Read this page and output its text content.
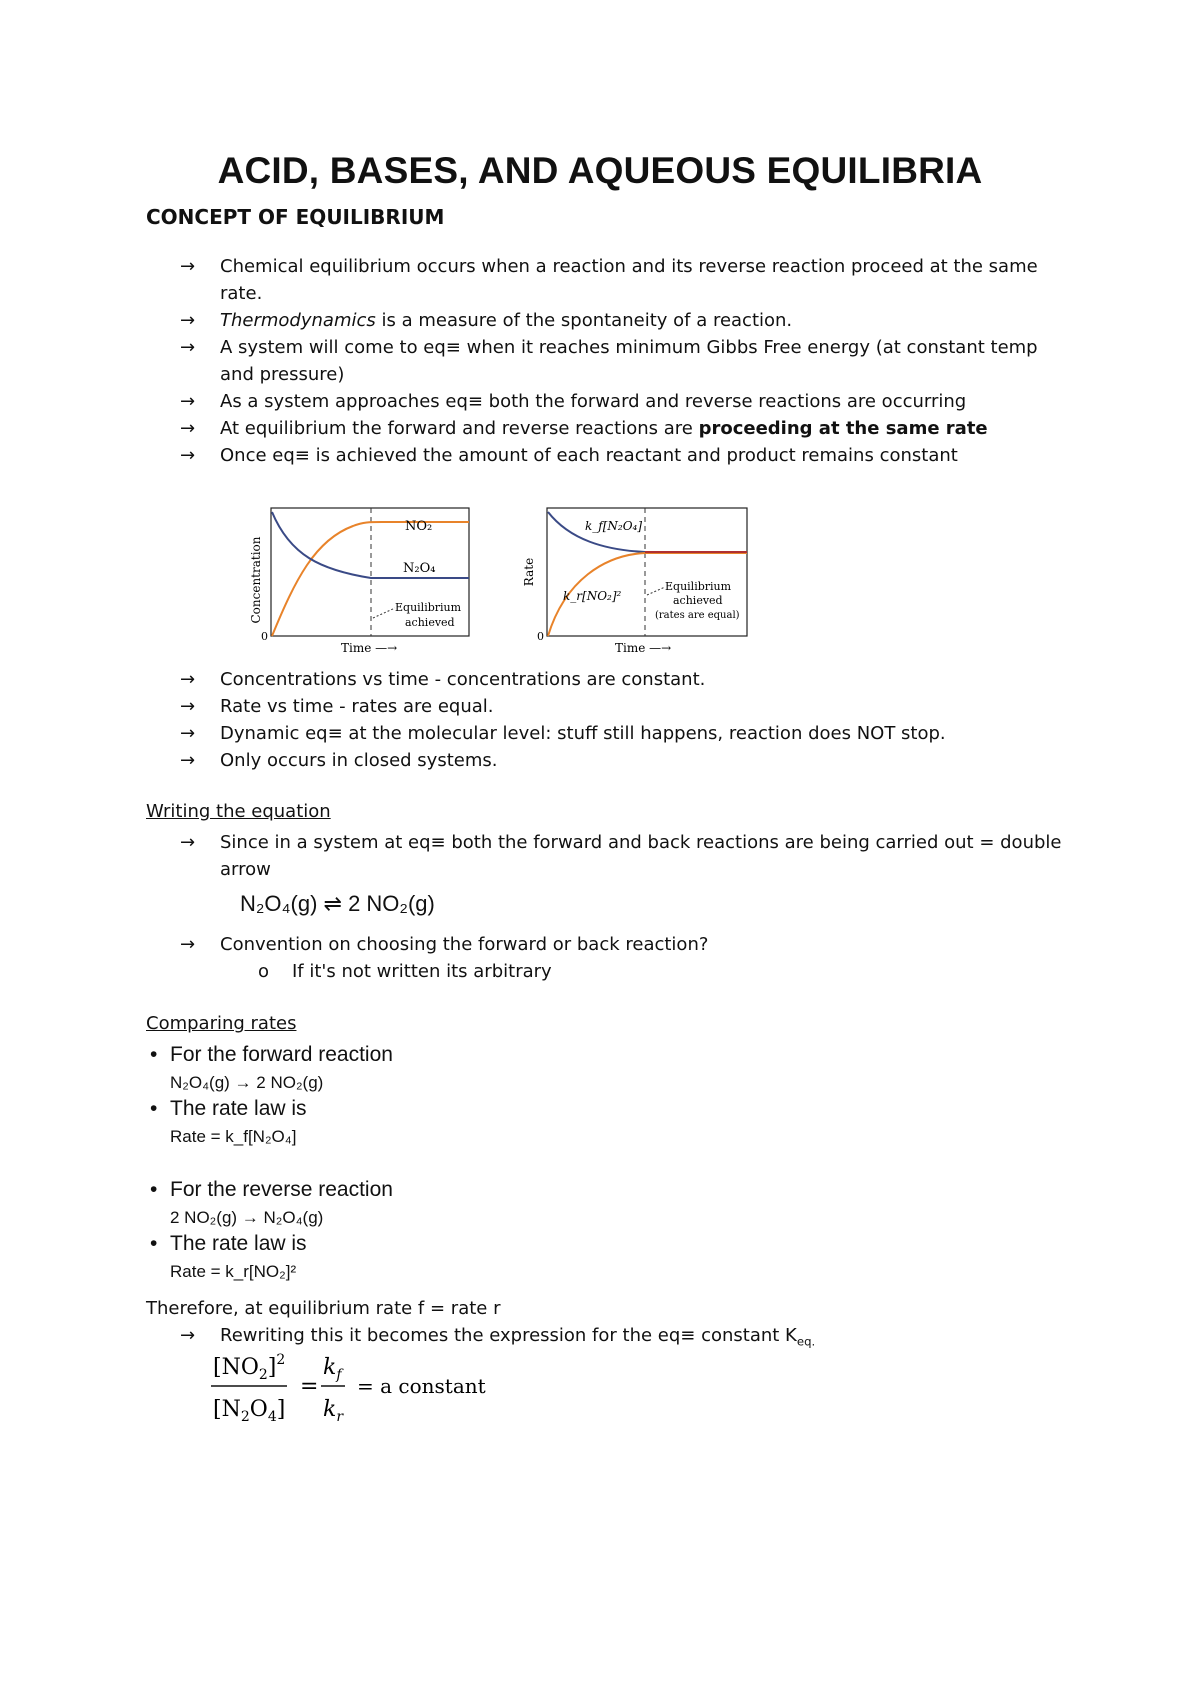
ACID, BASES, AND AQUEOUS EQUILIBRIA
CONCEPT OF EQUILIBRIUM
→ Chemical equilibrium occurs when a reaction and its reverse reaction proceed at the same
rate.
→ Thermodynamics is a measure of the spontaneity of a reaction.
→ A system will come to eq≡ when it reaches minimum Gibbs Free energy (at constant temp
and pressure)
→ As a system approaches eq≡ both the forward and reverse reactions are occurring
→ At equilibrium the forward and reverse reactions are proceeding at the same rate
→ Once eq≡ is achieved the amount of each reactant and product remains constant
NO₂
N₂O₄
Equilibrium
achieved
Concentration
0
Time —→
k_f[N₂O₄]
k_r[NO₂]²
Equilibrium
achieved
(rates are equal)
Rate
0
Time —→
→ Concentrations vs time - concentrations are constant.
→ Rate vs time - rates are equal.
→ Dynamic eq≡ at the molecular level: stuff still happens, reaction does NOT stop.
→ Only occurs in closed systems.
Writing the equation
→ Since in a system at eq≡ both the forward and back reactions are being carried out = double
arrow
N₂O₄(g) ⇌ 2 NO₂(g)
→ Convention on choosing the forward or back reaction?
o If it's not written its arbitrary
Comparing rates
• For the forward reaction
N₂O₄(g) → 2 NO₂(g)
• The rate law is
Rate = k_f[N₂O₄]
• For the reverse reaction
2 NO₂(g) → N₂O₄(g)
• The rate law is
Rate = k_r[NO₂]²
Therefore, at equilibrium rate f = rate r
→ Rewriting this it becomes the expression for the eq≡ constant $K_{eq.}$
$[NO_2]^2$
$[N_2O_4]$
=
$k_f$
$k_r$
= a constant
